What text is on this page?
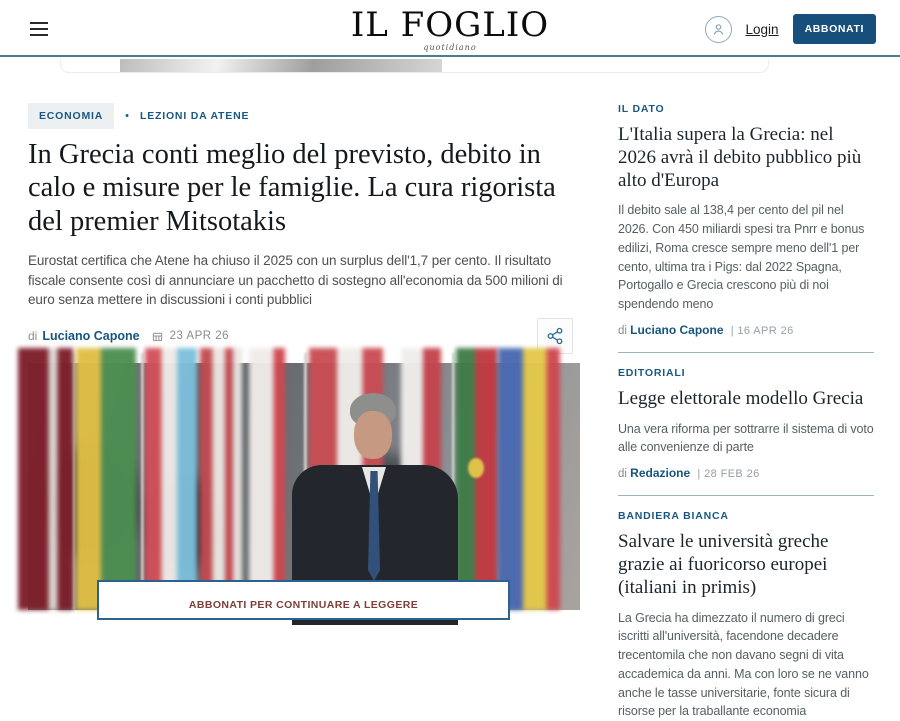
IL FOGLIO
quotidiano
Login	ABBONATI
ECONOMIA	• LEZIONI DA ATENE
In Grecia conti meglio del previsto, debito in calo e misure per le famiglie. La cura rigorista del premier Mitsotakis

Eurostat certifica che Atene ha chiuso il 2025 con un surplus dell'1,7 per cento. Il risultato fiscale consente così di annunciare un pacchetto di sostegno all'economia da 500 milioni di euro senza mettere in discussioni i conti pubblici

di Luciano Capone	23 APR 26
ABBONATI PER CONTINUARE A LEGGERE
IL DATO
L'Italia supera la Grecia: nel 2026 avrà il debito pubblico più alto d'Europa

Il debito sale al 138,4 per cento del pil nel 2026. Con 450 miliardi spesi tra Pnrr e bonus edilizi, Roma cresce sempre meno dell'1 per cento, ultima tra i Pigs: dal 2022 Spagna, Portogallo e Grecia crescono più di noi spendendo meno

di Luciano Capone | 16 APR 26
EDITORIALI
Legge elettorale modello Grecia

Una vera riforma per sottrarre il sistema di voto alle convenienze di parte

di Redazione | 28 FEB 26
BANDIERA BIANCA
Salvare le università greche grazie ai fuoricorso europei (italiani in primis)

La Grecia ha dimezzato il numero di greci iscritti all'università, facendone decadere trecentomila che non davano segni di vita accademica da anni. Ma con loro se ne vanno anche le tasse universitarie, fonte sicura di risorse per la traballante economia
